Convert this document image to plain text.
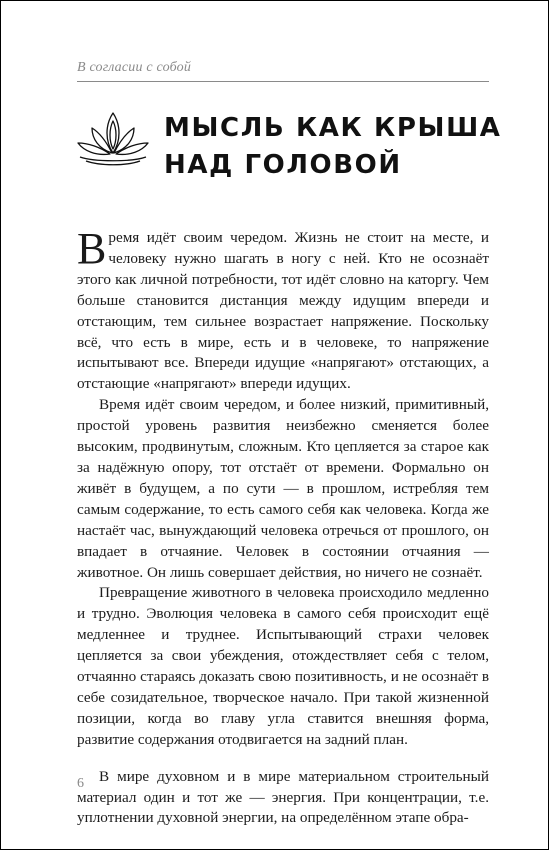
В согласии с собой
МЫСЛЬ КАК КРЫША
НАД ГОЛОВОЙ

Время идёт своим чередом. Жизнь не стоит на месте, и человеку нужно шагать в ногу с ней. Кто не осознаёт этого как личной потребности, тот идёт словно на каторгу. Чем больше становится дистанция между идущим впереди и отстающим, тем сильнее возрастает напряжение. Поскольку всё, что есть в мире, есть и в человеке, то напряжение испытывают все. Впереди идущие «напрягают» отстающих, а отстающие «напрягают» впереди идущих.

Время идёт своим чередом, и более низкий, примитивный, простой уровень развития неизбежно сменяется более высоким, продвинутым, сложным. Кто цепляется за старое как за надёжную опору, тот отстаёт от времени. Формально он живёт в будущем, а по сути — в прошлом, истребляя тем самым содержание, то есть самого себя как человека. Когда же настаёт час, вынуждающий человека отречься от прошлого, он впадает в отчаяние. Человек в состоянии отчаяния — животное. Он лишь совершает действия, но ничего не сознаёт.

Превращение животного в человека происходило медленно и трудно. Эволюция человека в самого себя происходит ещё медленнее и труднее. Испытывающий страхи человек цепляется за свои убеждения, отождествляет себя с телом, отчаянно стараясь доказать свою позитивность, и не осознаёт в себе созидательное, творческое начало. При такой жизненной позиции, когда во главу угла ставится внешняя форма, развитие содержания отодвигается на задний план.

В мире духовном и в мире материальном строительный материал один и тот же — энергия. При концентрации, т.е. уплотнении духовной энергии, на определённом этапе обра-

6
